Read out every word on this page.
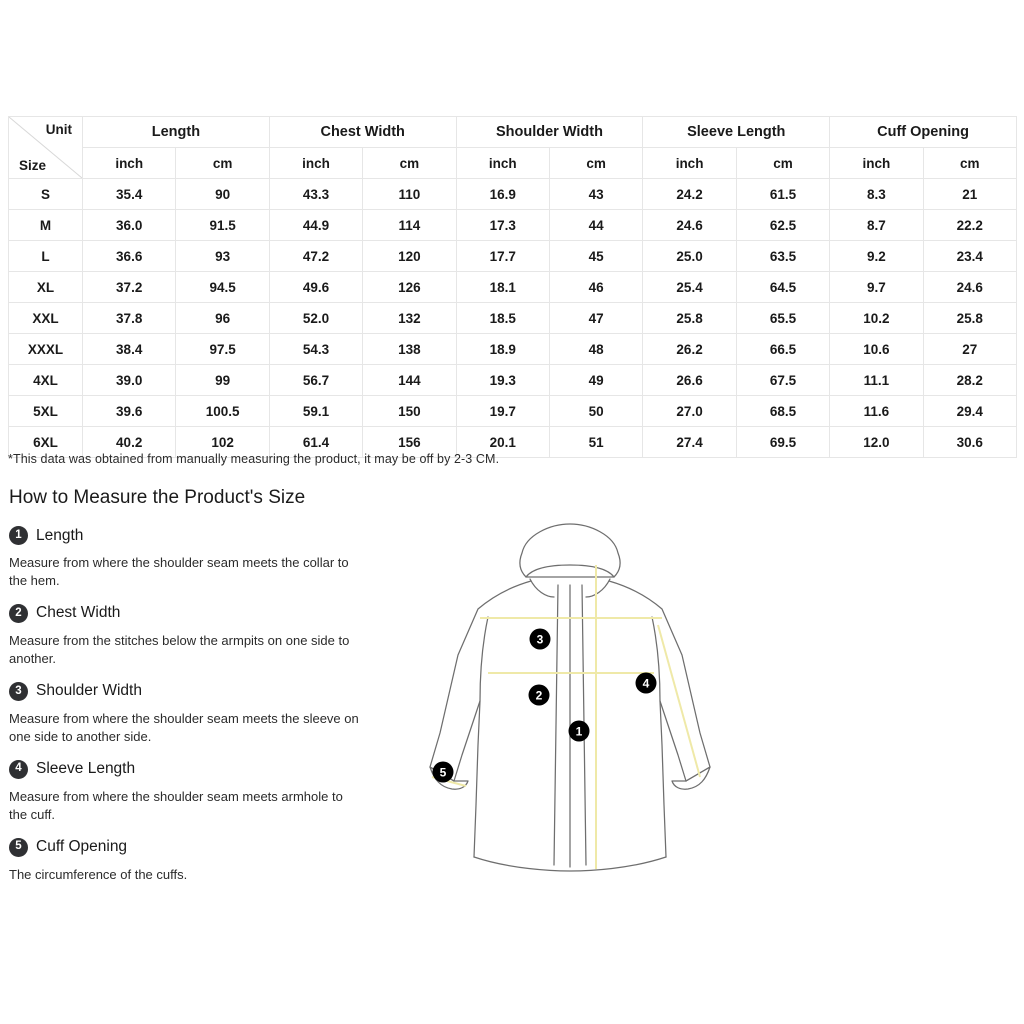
Unit
Size	Length		Chest Width		Shoulder Width		Sleeve Length		Cuff Opening	
	inch	cm	inch	cm	inch	cm	inch	cm	inch	cm
S	35.4	90	43.3	110	16.9	43	24.2	61.5	8.3	21
M	36.0	91.5	44.9	114	17.3	44	24.6	62.5	8.7	22.2
L	36.6	93	47.2	120	17.7	45	25.0	63.5	9.2	23.4
XL	37.2	94.5	49.6	126	18.1	46	25.4	64.5	9.7	24.6
XXL	37.8	96	52.0	132	18.5	47	25.8	65.5	10.2	25.8
XXXL	38.4	97.5	54.3	138	18.9	48	26.2	66.5	10.6	27
4XL	39.0	99	56.7	144	19.3	49	26.6	67.5	11.1	28.2
5XL	39.6	100.5	59.1	150	19.7	50	27.0	68.5	11.6	29.4
6XL	40.2	102	61.4	156	20.1	51	27.4	69.5	12.0	30.6
*This data was obtained from manually measuring the product, it may be off by 2-3 CM.
How to Measure the Product's Size
1 Length
Measure from where the shoulder seam meets the collar to the hem.
2 Chest Width
Measure from the stitches below the armpits on one side to another.
3 Shoulder Width
Measure from where the shoulder seam meets the sleeve on one side to another side.
4 Sleeve Length
Measure from where the shoulder seam meets armhole to the cuff.
5 Cuff Opening
The circumference of the cuffs.
3
2
1
4
5
